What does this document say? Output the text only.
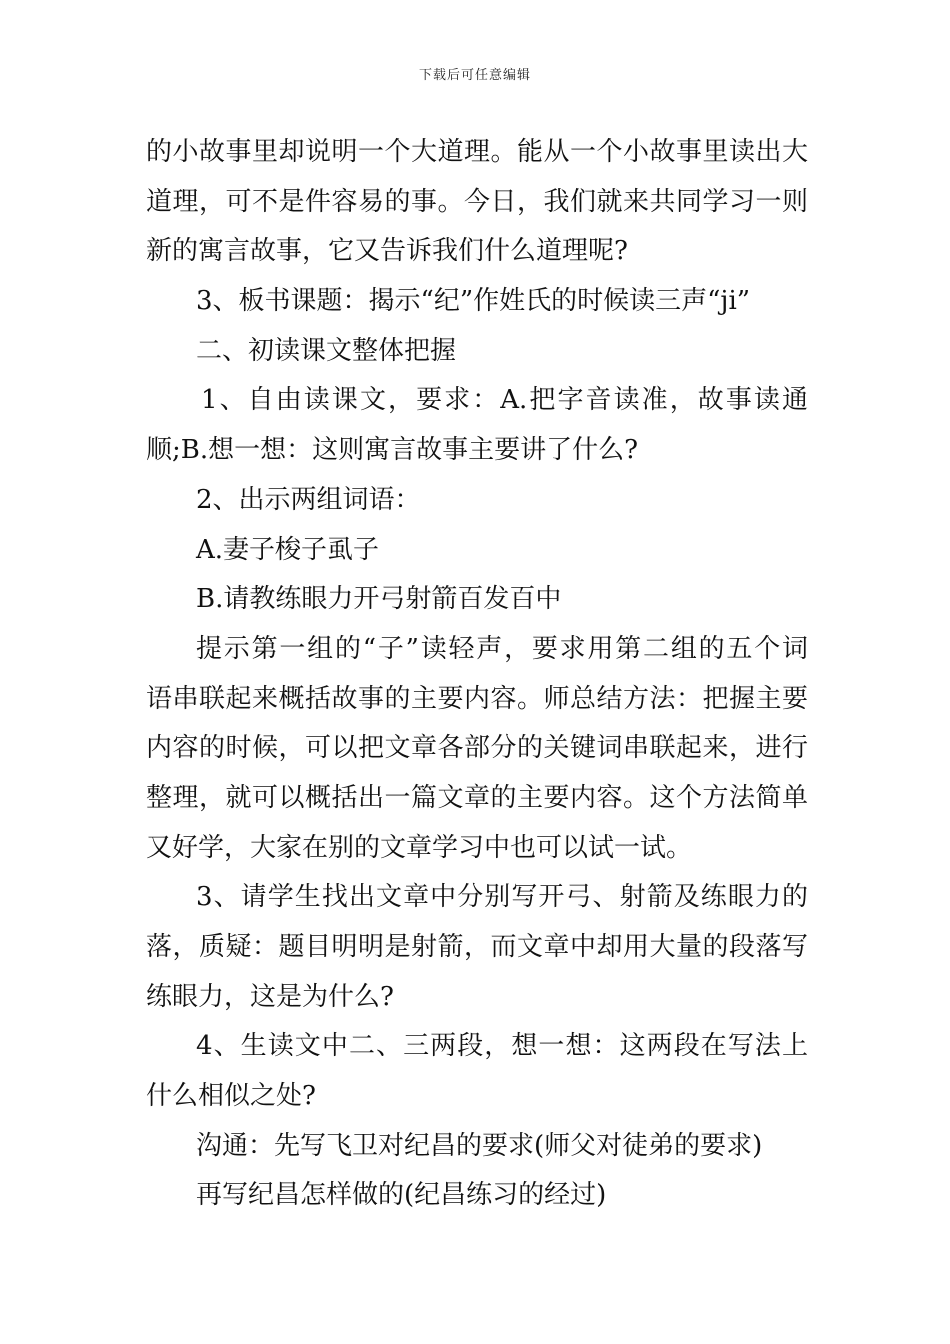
下载后可任意编辑
的小故事里却说明一个大道理。能从一个小故事里读出大
道理，可不是件容易的事。今日，我们就来共同学习一则
新的寓言故事，它又告诉我们什么道理呢?
3、板书课题：揭示“纪”作姓氏的时候读三声“ji”
二、初读课文整体把握
1、自由读课文，要求：A.把字音读准，故事读通
顺;B.想一想：这则寓言故事主要讲了什么?
2、出示两组词语：
A.妻子梭子虱子
B.请教练眼力开弓射箭百发百中
提示第一组的“子”读轻声，要求用第二组的五个词
语串联起来概括故事的主要内容。师总结方法：把握主要
内容的时候，可以把文章各部分的关键词串联起来，进行
整理，就可以概括出一篇文章的主要内容。这个方法简单
又好学，大家在别的文章学习中也可以试一试。
3、请学生找出文章中分别写开弓、射箭及练眼力的
落，质疑：题目明明是射箭，而文章中却用大量的段落写
练眼力，这是为什么?
4、生读文中二、三两段，想一想：这两段在写法上
什么相似之处?
沟通：先写飞卫对纪昌的要求(师父对徒弟的要求)
再写纪昌怎样做的(纪昌练习的经过)
